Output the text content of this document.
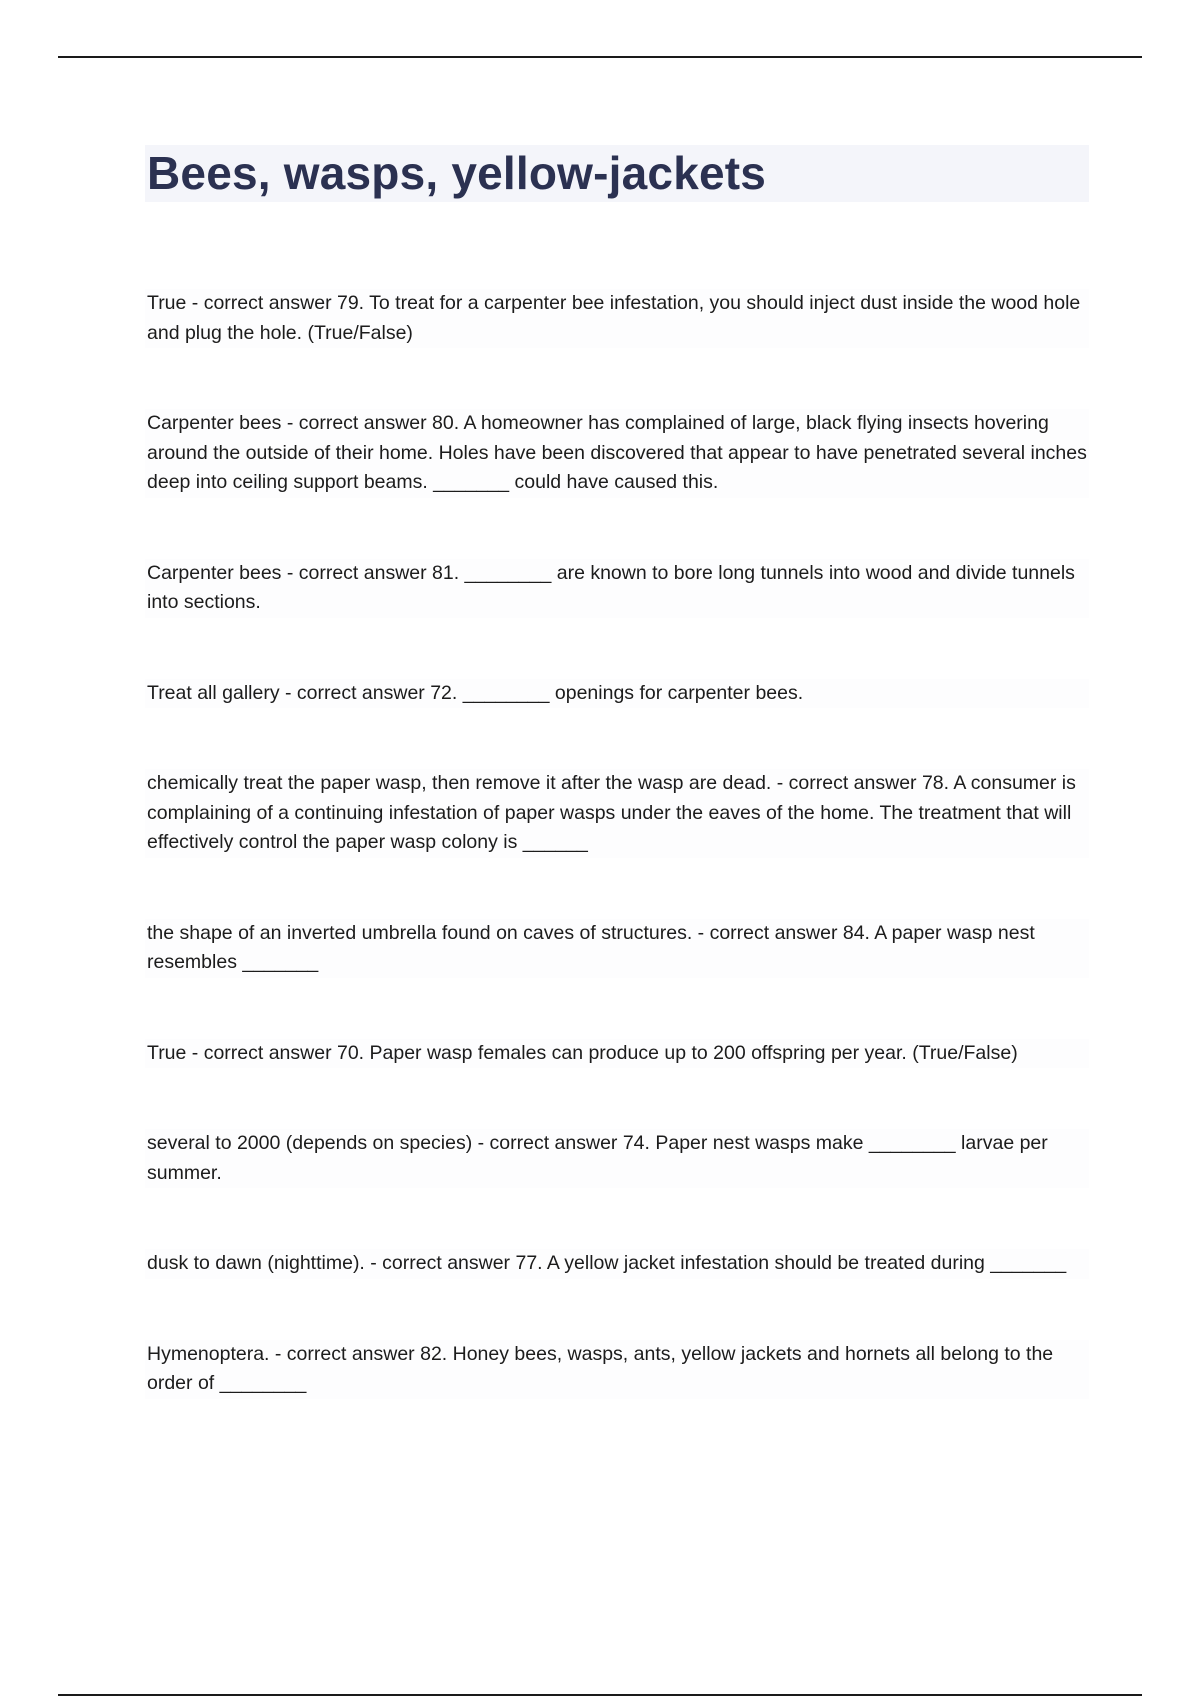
Bees, wasps, yellow-jackets
True - correct answer 79. To treat for a carpenter bee infestation, you should inject dust inside the wood hole and plug the hole. (True/False)
Carpenter bees - correct answer 80. A homeowner has complained of large, black flying insects hovering around the outside of their home. Holes have been discovered that appear to have penetrated several inches deep into ceiling support beams. _______ could have caused this.
Carpenter bees - correct answer 81. ________ are known to bore long tunnels into wood and divide tunnels into sections.
Treat all gallery - correct answer 72. ________ openings for carpenter bees.
chemically treat the paper wasp, then remove it after the wasp are dead. - correct answer 78. A consumer is complaining of a continuing infestation of paper wasps under the eaves of the home. The treatment that will effectively control the paper wasp colony is ______
the shape of an inverted umbrella found on caves of structures. - correct answer 84. A paper wasp nest resembles _______
True - correct answer 70. Paper wasp females can produce up to 200 offspring per year. (True/False)
several to 2000 (depends on species) - correct answer 74. Paper nest wasps make ________ larvae per summer.
dusk to dawn (nighttime). - correct answer 77. A yellow jacket infestation should be treated during _______
Hymenoptera. - correct answer 82. Honey bees, wasps, ants, yellow jackets and hornets all belong to the order of ________
